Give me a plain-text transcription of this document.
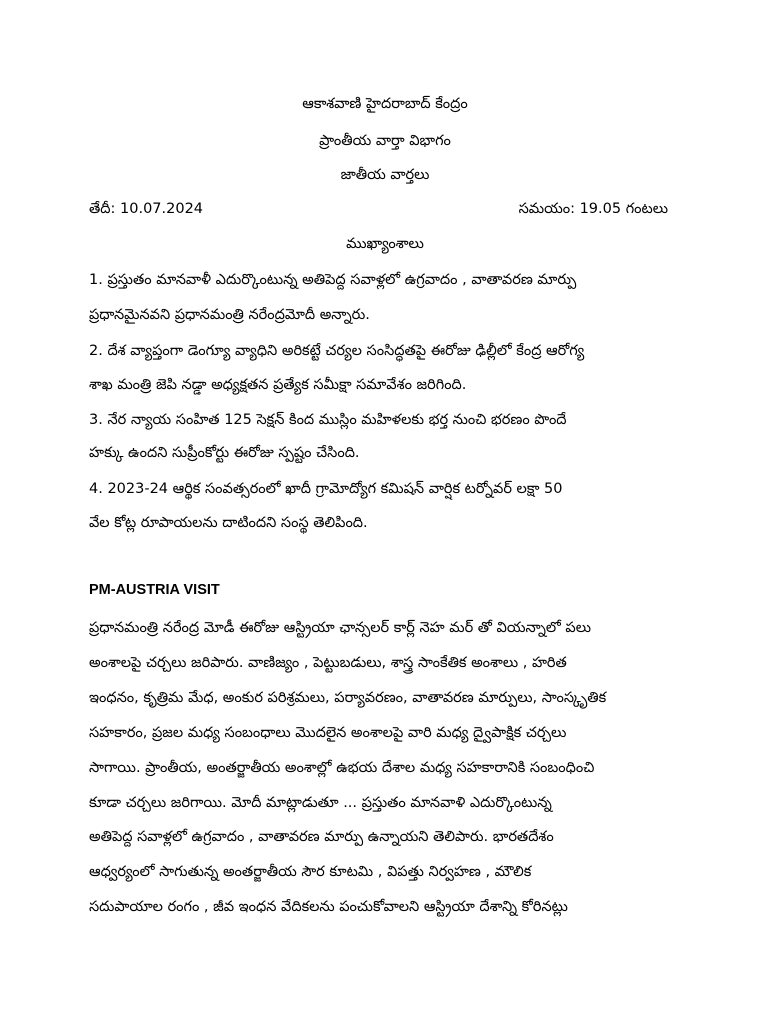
ఆకాశవాణి హైదరాబాద్ కేంద్రం
ప్రాంతీయ వార్తా విభాగం
జాతీయ వార్తలు
తేదీ: 10.07.2024	సమయం: 19.05 గంటలు
ముఖ్యాంశాలు
1. ప్రస్తుతం మానవాళీ ఎదుర్కొంటున్న అతిపెద్ద సవాళ్లలో ఉగ్రవాదం , వాతావరణ మార్పు
ప్రధానమైనవని ప్రధానమంత్రి నరేంద్రమోదీ అన్నారు.
2. దేశ వ్యాప్తంగా డెంగ్యూ వ్యాధిని అరికట్టే చర్యల సంసిద్ధతపై ఈరోజు ఢిల్లీలో కేంద్ర ఆరోగ్య
శాఖ మంత్రి జెపి నడ్డా అధ్యక్షతన ప్రత్యేక సమీక్షా సమావేశం జరిగింది.
3. నేర న్యాయ సంహిత 125 సెక్షన్ కింద ముస్లిం మహిళలకు భర్త నుంచి భరణం పొందే
హక్కు ఉందని సుప్రీంకోర్టు ఈరోజు స్పష్టం చేసింది.
4. 2023-24 ఆర్థిక సంవత్సరంలో ఖాదీ గ్రామోద్యోగ కమిషన్ వార్షిక టర్నోవర్ లక్షా 50
వేల కోట్ల రూపాయలను దాటిందని సంస్థ తెలిపింది.
PM-AUSTRIA VISIT
ప్రధానమంత్రి నరేంద్ర మోడీ ఈరోజు ఆస్ట్రియా ఛాన్సలర్ కార్ల్ నెహ మర్ తో వియన్నాలో పలు
అంశాలపై చర్చలు జరిపారు. వాణిజ్యం , పెట్టుబడులు, శాస్త్ర సాంకేతిక అంశాలు , హరిత
ఇంధనం, కృత్రిమ మేధ, అంకుర పరిశ్రమలు, పర్యావరణం, వాతావరణ మార్పులు, సాంస్కృతిక
సహకారం, ప్రజల మధ్య సంబంధాలు మొదలైన అంశాలపై వారి మధ్య ద్వైపాక్షిక చర్చలు
సాగాయి. ప్రాంతీయ, అంతర్జాతీయ అంశాల్లో ఉభయ దేశాల మధ్య సహకారానికి సంబంధించి
కూడా చర్చలు జరిగాయి. మోదీ మాట్లాడుతూ ... ప్రస్తుతం మానవాళి ఎదుర్కొంటున్న
అతిపెద్ద సవాళ్లలో ఉగ్రవాదం , వాతావరణ మార్పు ఉన్నాయని తెలిపారు. భారతదేశం
ఆధ్వర్యంలో సాగుతున్న అంతర్జాతీయ సౌర కూటమి , విపత్తు నిర్వహణ , మౌలిక
సదుపాయాల రంగం , జీవ ఇంధన వేదికలను పంచుకోవాలని ఆస్ట్రియా దేశాన్ని కోరినట్లు
